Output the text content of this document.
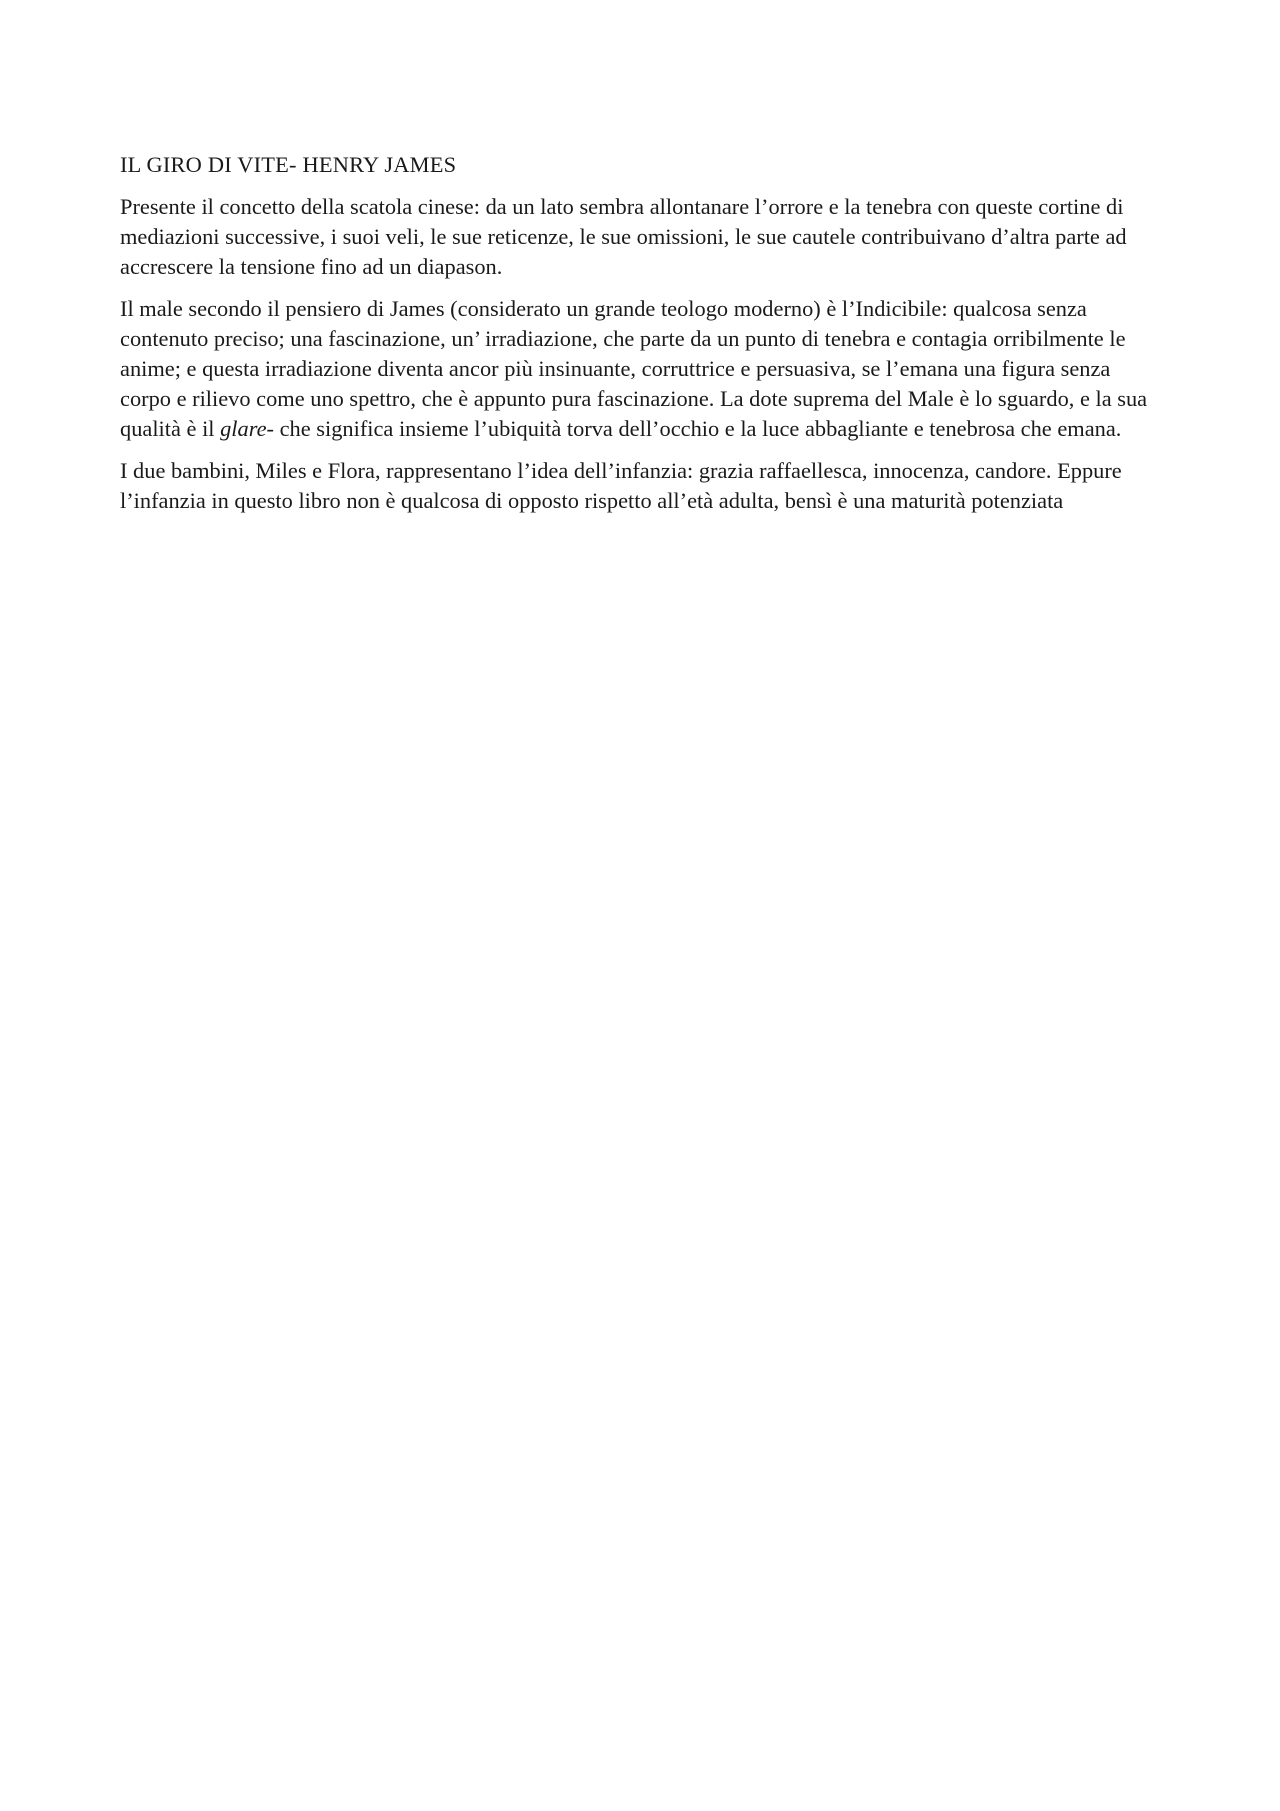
IL GIRO DI VITE- HENRY JAMES

Presente il concetto della scatola cinese: da un lato sembra allontanare l’orrore e la tenebra con queste cortine di mediazioni successive, i suoi veli, le sue reticenze, le sue omissioni, le sue cautele contribuivano d’altra parte ad accrescere la tensione fino ad un diapason.

Il male secondo il pensiero di James (considerato un grande teologo moderno) è l’Indicibile: qualcosa senza contenuto preciso; una fascinazione, un’ irradiazione, che parte da un punto di tenebra e contagia orribilmente le anime; e questa irradiazione diventa ancor più insinuante, corruttrice e persuasiva, se l’emana una figura senza corpo e rilievo come uno spettro, che è appunto pura fascinazione. La dote suprema del Male è lo sguardo, e la sua qualità è il glare- che significa insieme l’ubiquità torva dell’occhio e la luce abbagliante e tenebrosa che emana.

I due bambini, Miles e Flora, rappresentano l’idea dell’infanzia: grazia raffaellesca, innocenza, candore. Eppure l’infanzia in questo libro non è qualcosa di opposto rispetto all’età adulta, bensì è una maturità potenziata
